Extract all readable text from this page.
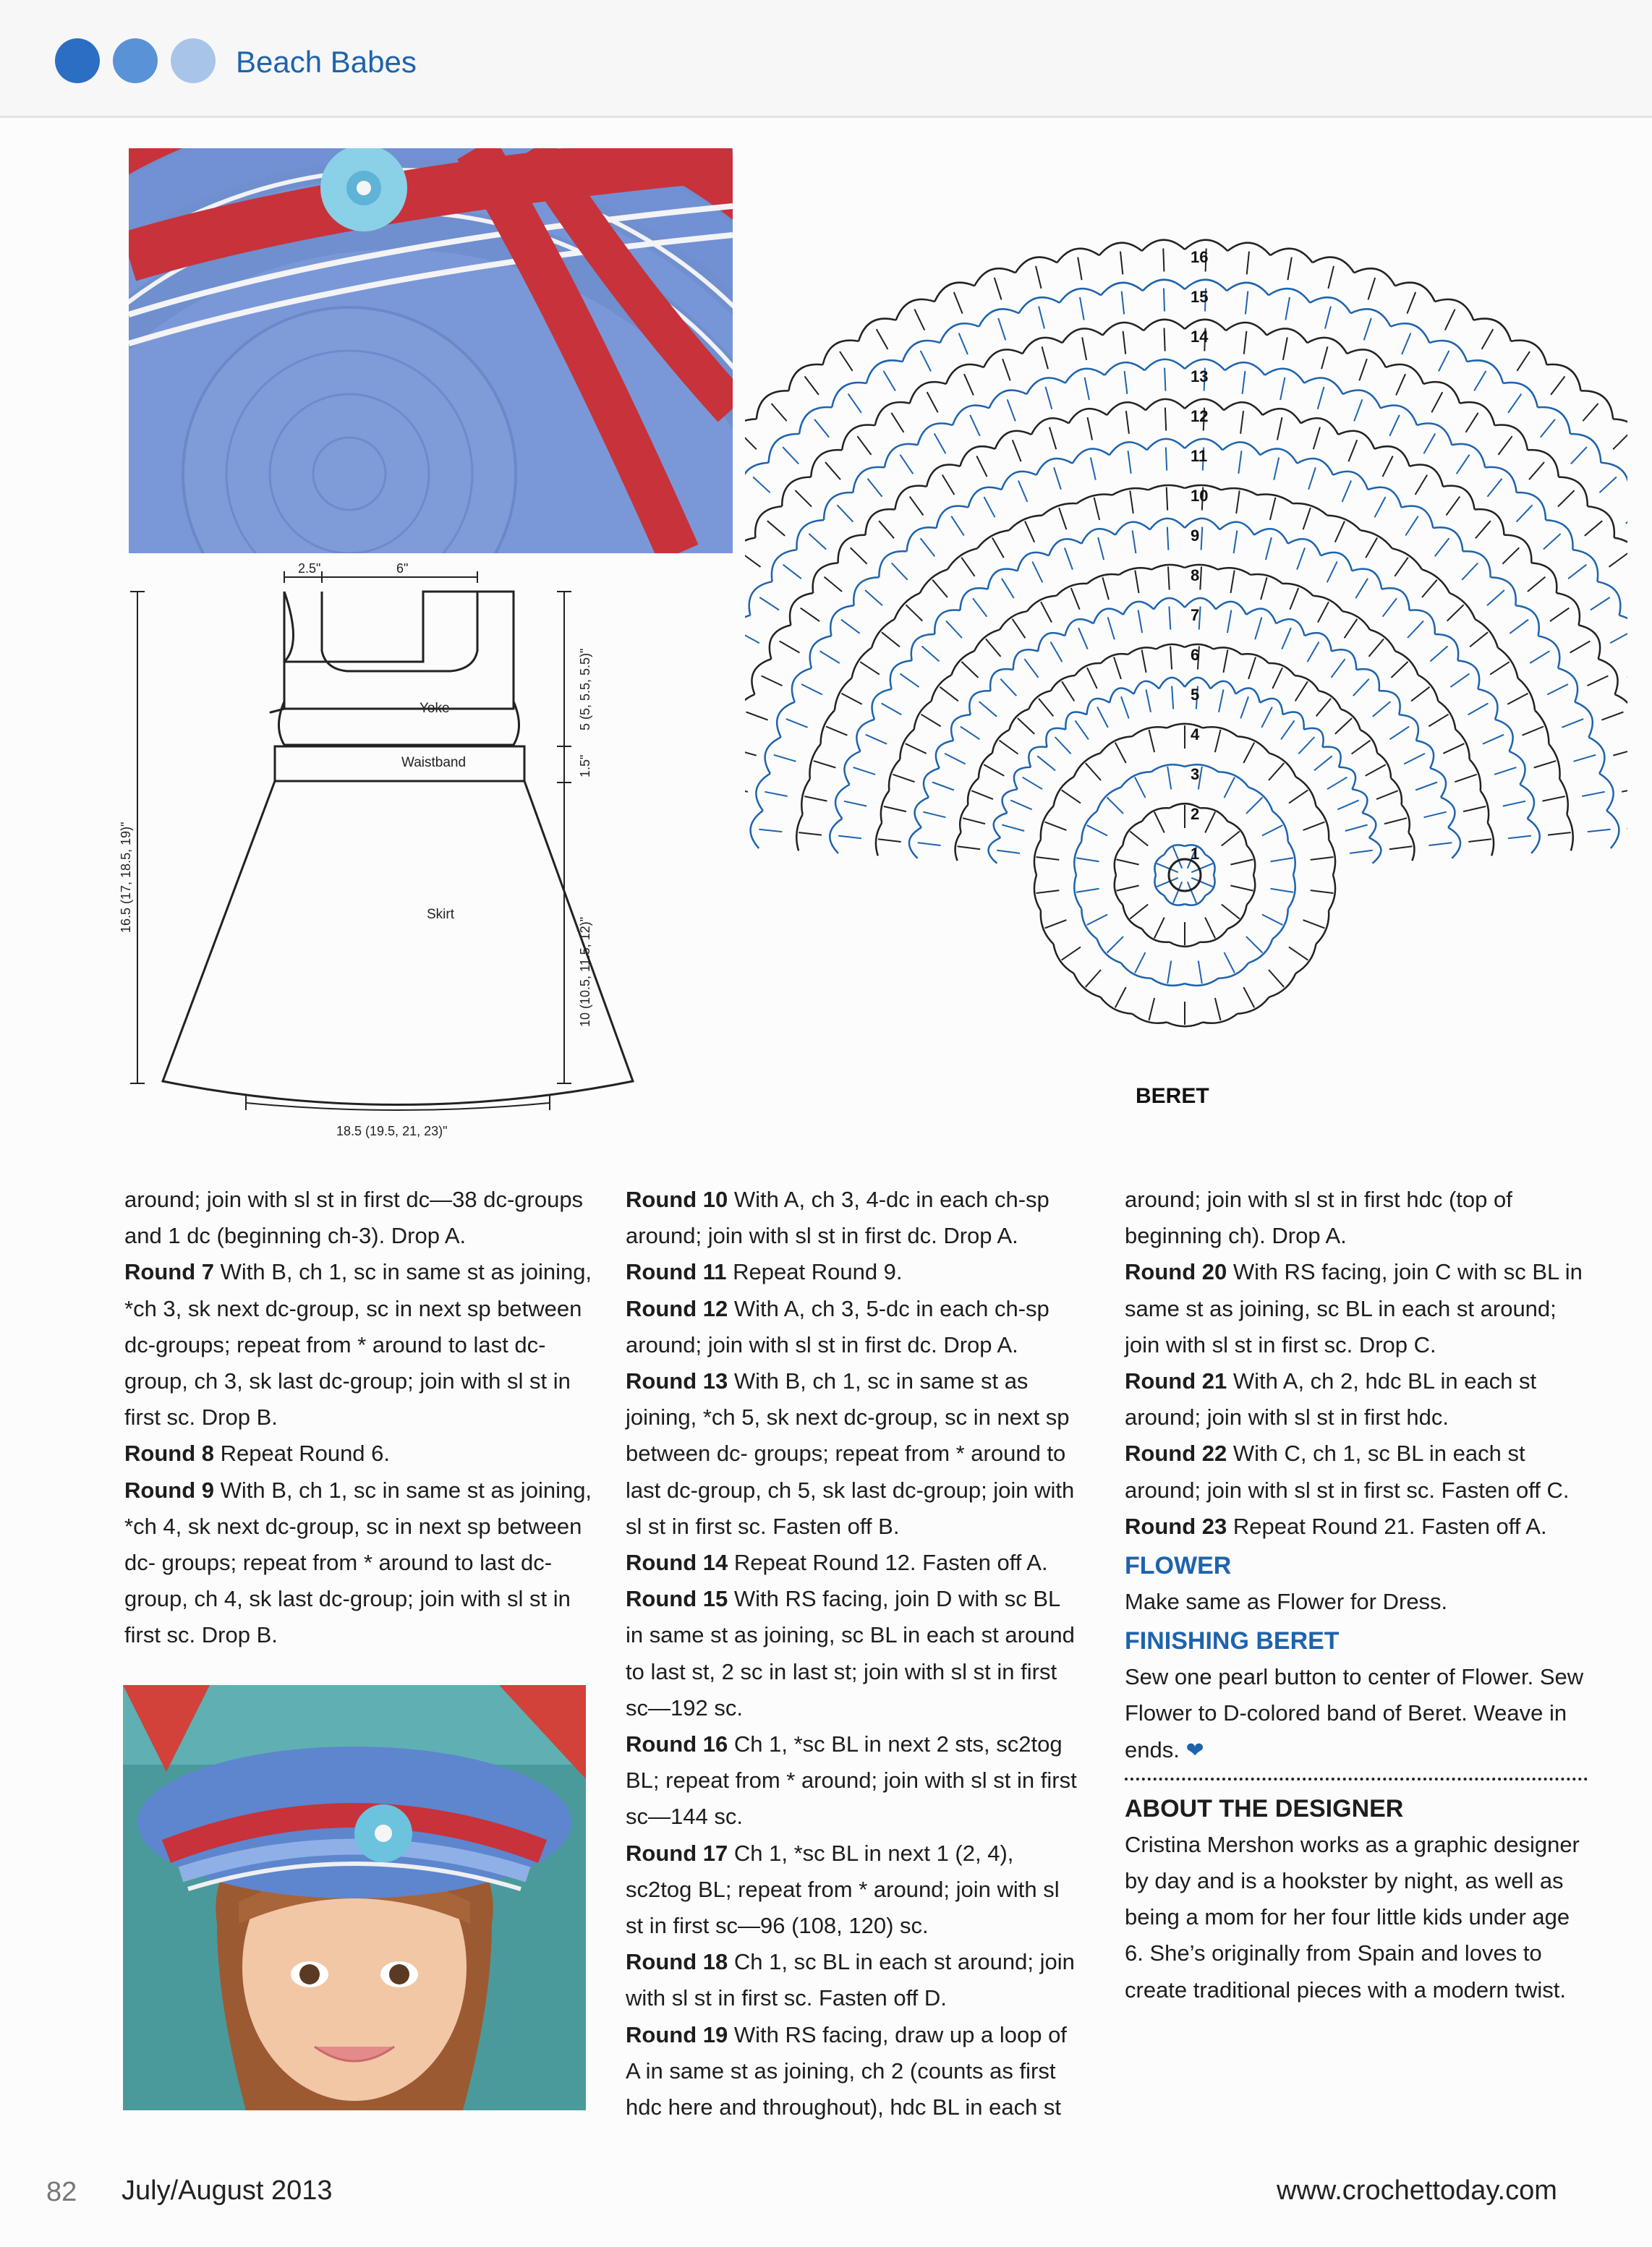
Beach Babes
2.5"	6"
Yoke
Waistband
Skirt
5 (5, 5.5, 5.5)"
1.5"
10 (10.5, 11.5, 12)"
16.5 (17, 18.5, 19)"
18.5 (19.5, 21, 23)"
1
2
3
4
5
6
7
8
9
10
11
12
13
14
15
16
BERET

around; join with sl st in first dc—38 dc-groups and 1 dc (beginning ch-3). Drop A.

Round 7 With B, ch 1, sc in same st as joining, *ch 3, sk next dc-group, sc in next sp between dc-groups; repeat from * around to last dc-group, ch 3, sk last dc-group; join with sl st in first sc. Drop B.

Round 8 Repeat Round 6.

Round 9 With B, ch 1, sc in same st as joining, *ch 4, sk next dc-group, sc in next sp between dc- groups; repeat from * around to last dc-group, ch 4, sk last dc-group; join with sl st in first sc. Drop B.

Round 10 With A, ch 3, 4-dc in each ch-sp around; join with sl st in first dc. Drop A.

Round 11 Repeat Round 9.

Round 12 With A, ch 3, 5-dc in each ch-sp around; join with sl st in first dc. Drop A.

Round 13 With B, ch 1, sc in same st as joining, *ch 5, sk next dc-group, sc in next sp between dc- groups; repeat from * around to last dc-group, ch 5, sk last dc-group; join with sl st in first sc. Fasten off B.

Round 14 Repeat Round 12. Fasten off A.

Round 15 With RS facing, join D with sc BL in same st as joining, sc BL in each st around to last st, 2 sc in last st; join with sl st in first sc—192 sc.

Round 16 Ch 1, *sc BL in next 2 sts, sc2tog BL; repeat from * around; join with sl st in first sc—144 sc.

Round 17 Ch 1, *sc BL in next 1 (2, 4), sc2tog BL; repeat from * around; join with sl st in first sc—96 (108, 120) sc.

Round 18 Ch 1, sc BL in each st around; join with sl st in first sc. Fasten off D.

Round 19 With RS facing, draw up a loop of A in same st as joining, ch 2 (counts as first hdc here and throughout), hdc BL in each st

around; join with sl st in first hdc (top of beginning ch). Drop A.

Round 20 With RS facing, join C with sc BL in same st as joining, sc BL in each st around; join with sl st in first sc. Drop C.

Round 21 With A, ch 2, hdc BL in each st around; join with sl st in first hdc.

Round 22 With C, ch 1, sc BL in each st around; join with sl st in first sc. Fasten off C.

Round 23 Repeat Round 21. Fasten off A.

FLOWER

Make same as Flower for Dress.

FINISHING BERET

Sew one pearl button to center of Flower. Sew Flower to D-colored band of Beret. Weave in ends. ❤

ABOUT THE DESIGNER

Cristina Mershon works as a graphic designer by day and is a hookster by night, as well as being a mom for her four little kids under age 6. She’s originally from Spain and loves to create traditional pieces with a modern twist.

82 July/August 2013	www.crochettoday.com
